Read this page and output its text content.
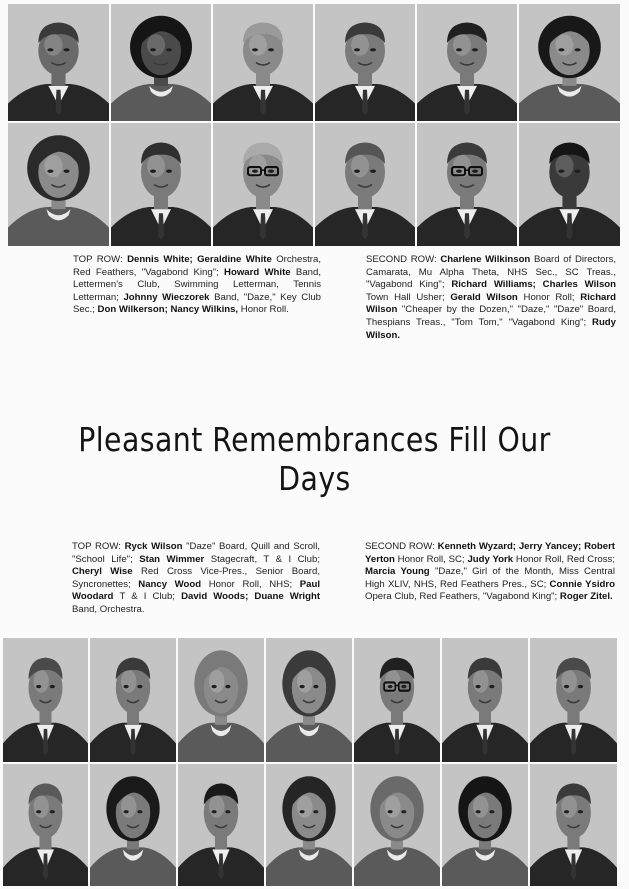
TOP ROW: Dennis White; Geraldine White Orchestra, Red Feathers, "Vagabond King"; Howard White Band, Lettermen's Club, Swimming Letterman, Tennis Letterman; Johnny Wieczorek Band, "Daze," Key Club Sec.; Don Wilkerson; Nancy Wilkins, Honor Roll.
SECOND ROW: Charlene Wilkinson Board of Directors, Camarata, Mu Alpha Theta, NHS Sec., SC Treas., "Vagabond King"; Richard Williams; Charles Wilson Town Hall Usher; Gerald Wilson Honor Roll; Richard Wilson "Cheaper by the Dozen," "Daze," "Daze" Board, Thespians Treas., "Tom Tom," "Vagabond King"; Rudy Wilson.
Pleasant Remembrances Fill Our Days
TOP ROW: Ryck Wilson "Daze" Board, Quill and Scroll, "School Life"; Stan Wimmer Stagecraft, T & I Club; Cheryl Wise Red Cross Vice-Pres., Senior Board, Syncronettes; Nancy Wood Honor Roll, NHS; Paul Woodard T & I Club; David Woods; Duane Wright Band, Orchestra.
SECOND ROW: Kenneth Wyzard; Jerry Yancey; Robert Yerton Honor Roll, SC; Judy York Honor Roll, Red Cross; Marcia Young "Daze," Girl of the Month, Miss Central High XLIV, NHS, Red Feathers Pres., SC; Connie Ysidro Opera Club, Red Feathers, "Vagabond King"; Roger Zitel.
